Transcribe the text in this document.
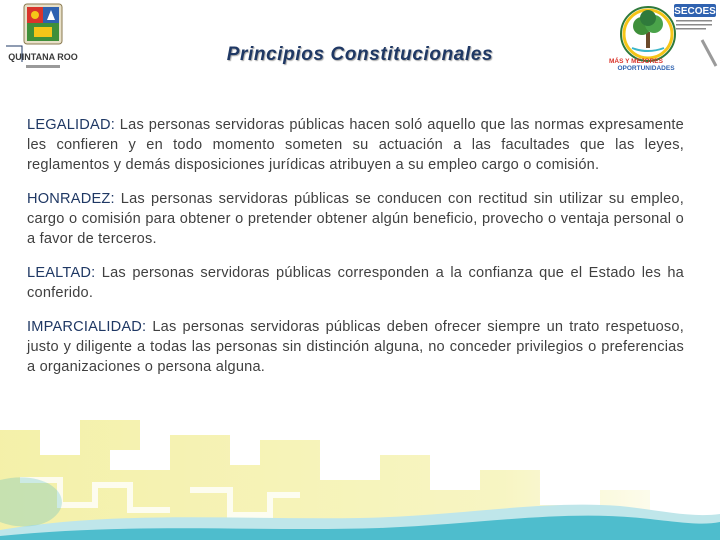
QUINTANA ROO	Principios Constitucionales
SECOES
MÁS Y MEJORES
OPORTUNIDADES

LEGALIDAD: Las personas servidoras públicas hacen soló aquello que las normas expresamente les confieren y en todo momento someten su actuación a las facultades que las leyes, reglamentos y demás disposiciones jurídicas atribuyen a su empleo cargo o comisión.

HONRADEZ: Las personas servidoras públicas se conducen con rectitud sin utilizar su empleo, cargo o comisión para obtener o pretender obtener algún beneficio, provecho o ventaja personal o a favor de terceros.

LEALTAD: Las personas servidoras públicas corresponden a la confianza que el Estado les ha conferido.

IMPARCIALIDAD: Las personas servidoras públicas deben ofrecer siempre un trato respetuoso, justo y diligente a todas las personas sin distinción alguna, no conceder privilegios o preferencias a organizaciones o persona alguna.
